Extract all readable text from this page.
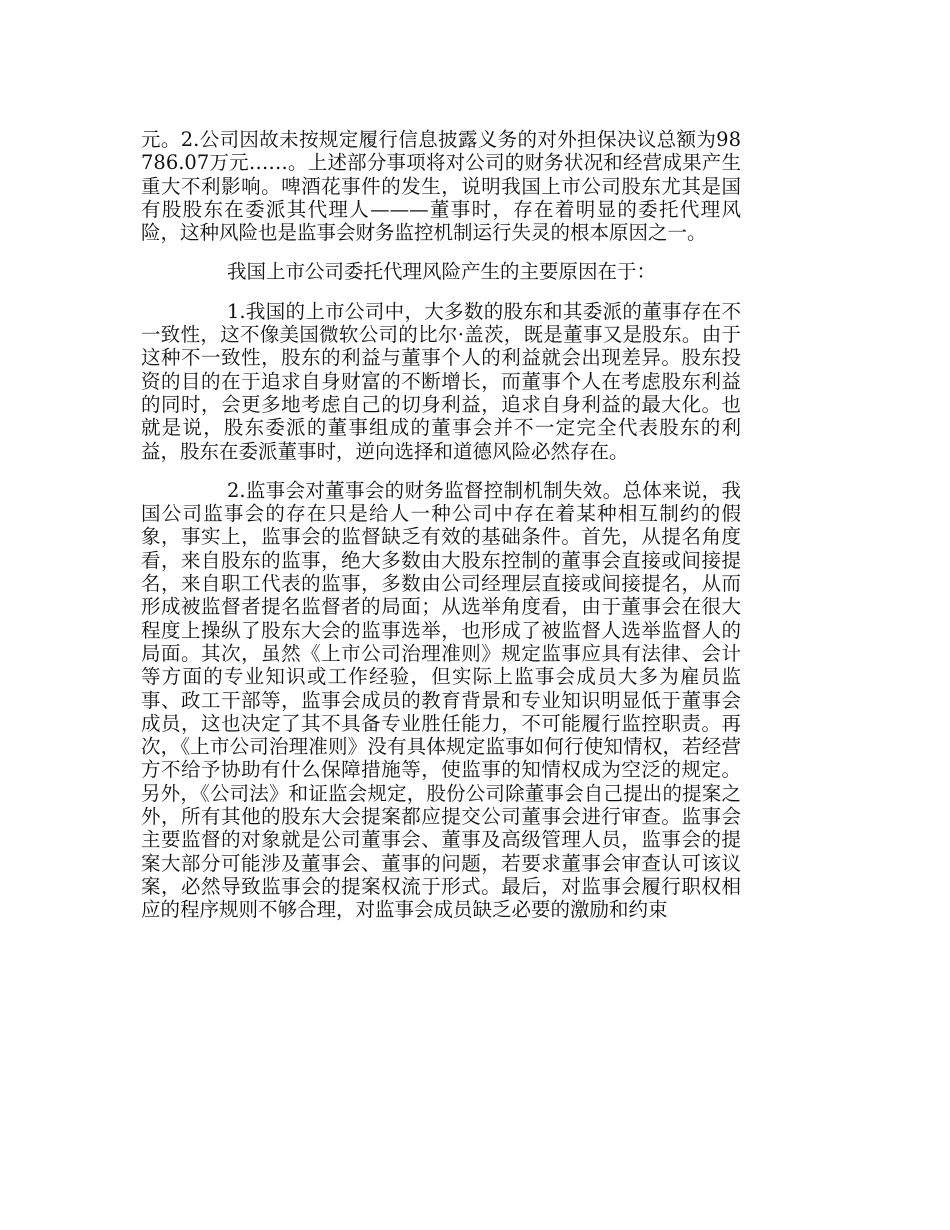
元。2.公司因故未按规定履行信息披露义务的对外担保决议总额为98786.07万元……。上述部分事项将对公司的财务状况和经营成果产生重大不利影响。啤酒花事件的发生，说明我国上市公司股东尤其是国有股股东在委派其代理人———董事时，存在着明显的委托代理风险，这种风险也是监事会财务监控机制运行失灵的根本原因之一。

我国上市公司委托代理风险产生的主要原因在于：

1.我国的上市公司中，大多数的股东和其委派的董事存在不一致性，这不像美国微软公司的比尔·盖茨，既是董事又是股东。由于这种不一致性，股东的利益与董事个人的利益就会出现差异。股东投资的目的在于追求自身财富的不断增长，而董事个人在考虑股东利益的同时，会更多地考虑自己的切身利益，追求自身利益的最大化。也就是说，股东委派的董事组成的董事会并不一定完全代表股东的利益，股东在委派董事时，逆向选择和道德风险必然存在。

2.监事会对董事会的财务监督控制机制失效。总体来说，我国公司监事会的存在只是给人一种公司中存在着某种相互制约的假象，事实上，监事会的监督缺乏有效的基础条件。首先，从提名角度看，来自股东的监事，绝大多数由大股东控制的董事会直接或间接提名，来自职工代表的监事，多数由公司经理层直接或间接提名，从而形成被监督者提名监督者的局面；从选举角度看，由于董事会在很大程度上操纵了股东大会的监事选举，也形成了被监督人选举监督人的局面。其次，虽然《上市公司治理准则》规定监事应具有法律、会计等方面的专业知识或工作经验，但实际上监事会成员大多为雇员监事、政工干部等，监事会成员的教育背景和专业知识明显低于董事会成员，这也决定了其不具备专业胜任能力，不可能履行监控职责。再次，《上市公司治理准则》没有具体规定监事如何行使知情权，若经营方不给予协助有什么保障措施等，使监事的知情权成为空泛的规定。另外，《公司法》和证监会规定，股份公司除董事会自己提出的提案之外，所有其他的股东大会提案都应提交公司董事会进行审查。监事会主要监督的对象就是公司董事会、董事及高级管理人员，监事会的提案大部分可能涉及董事会、董事的问题，若要求董事会审查认可该议案，必然导致监事会的提案权流于形式。最后，对监事会履行职权相应的程序规则不够合理，对监事会成员缺乏必要的激励和约束
